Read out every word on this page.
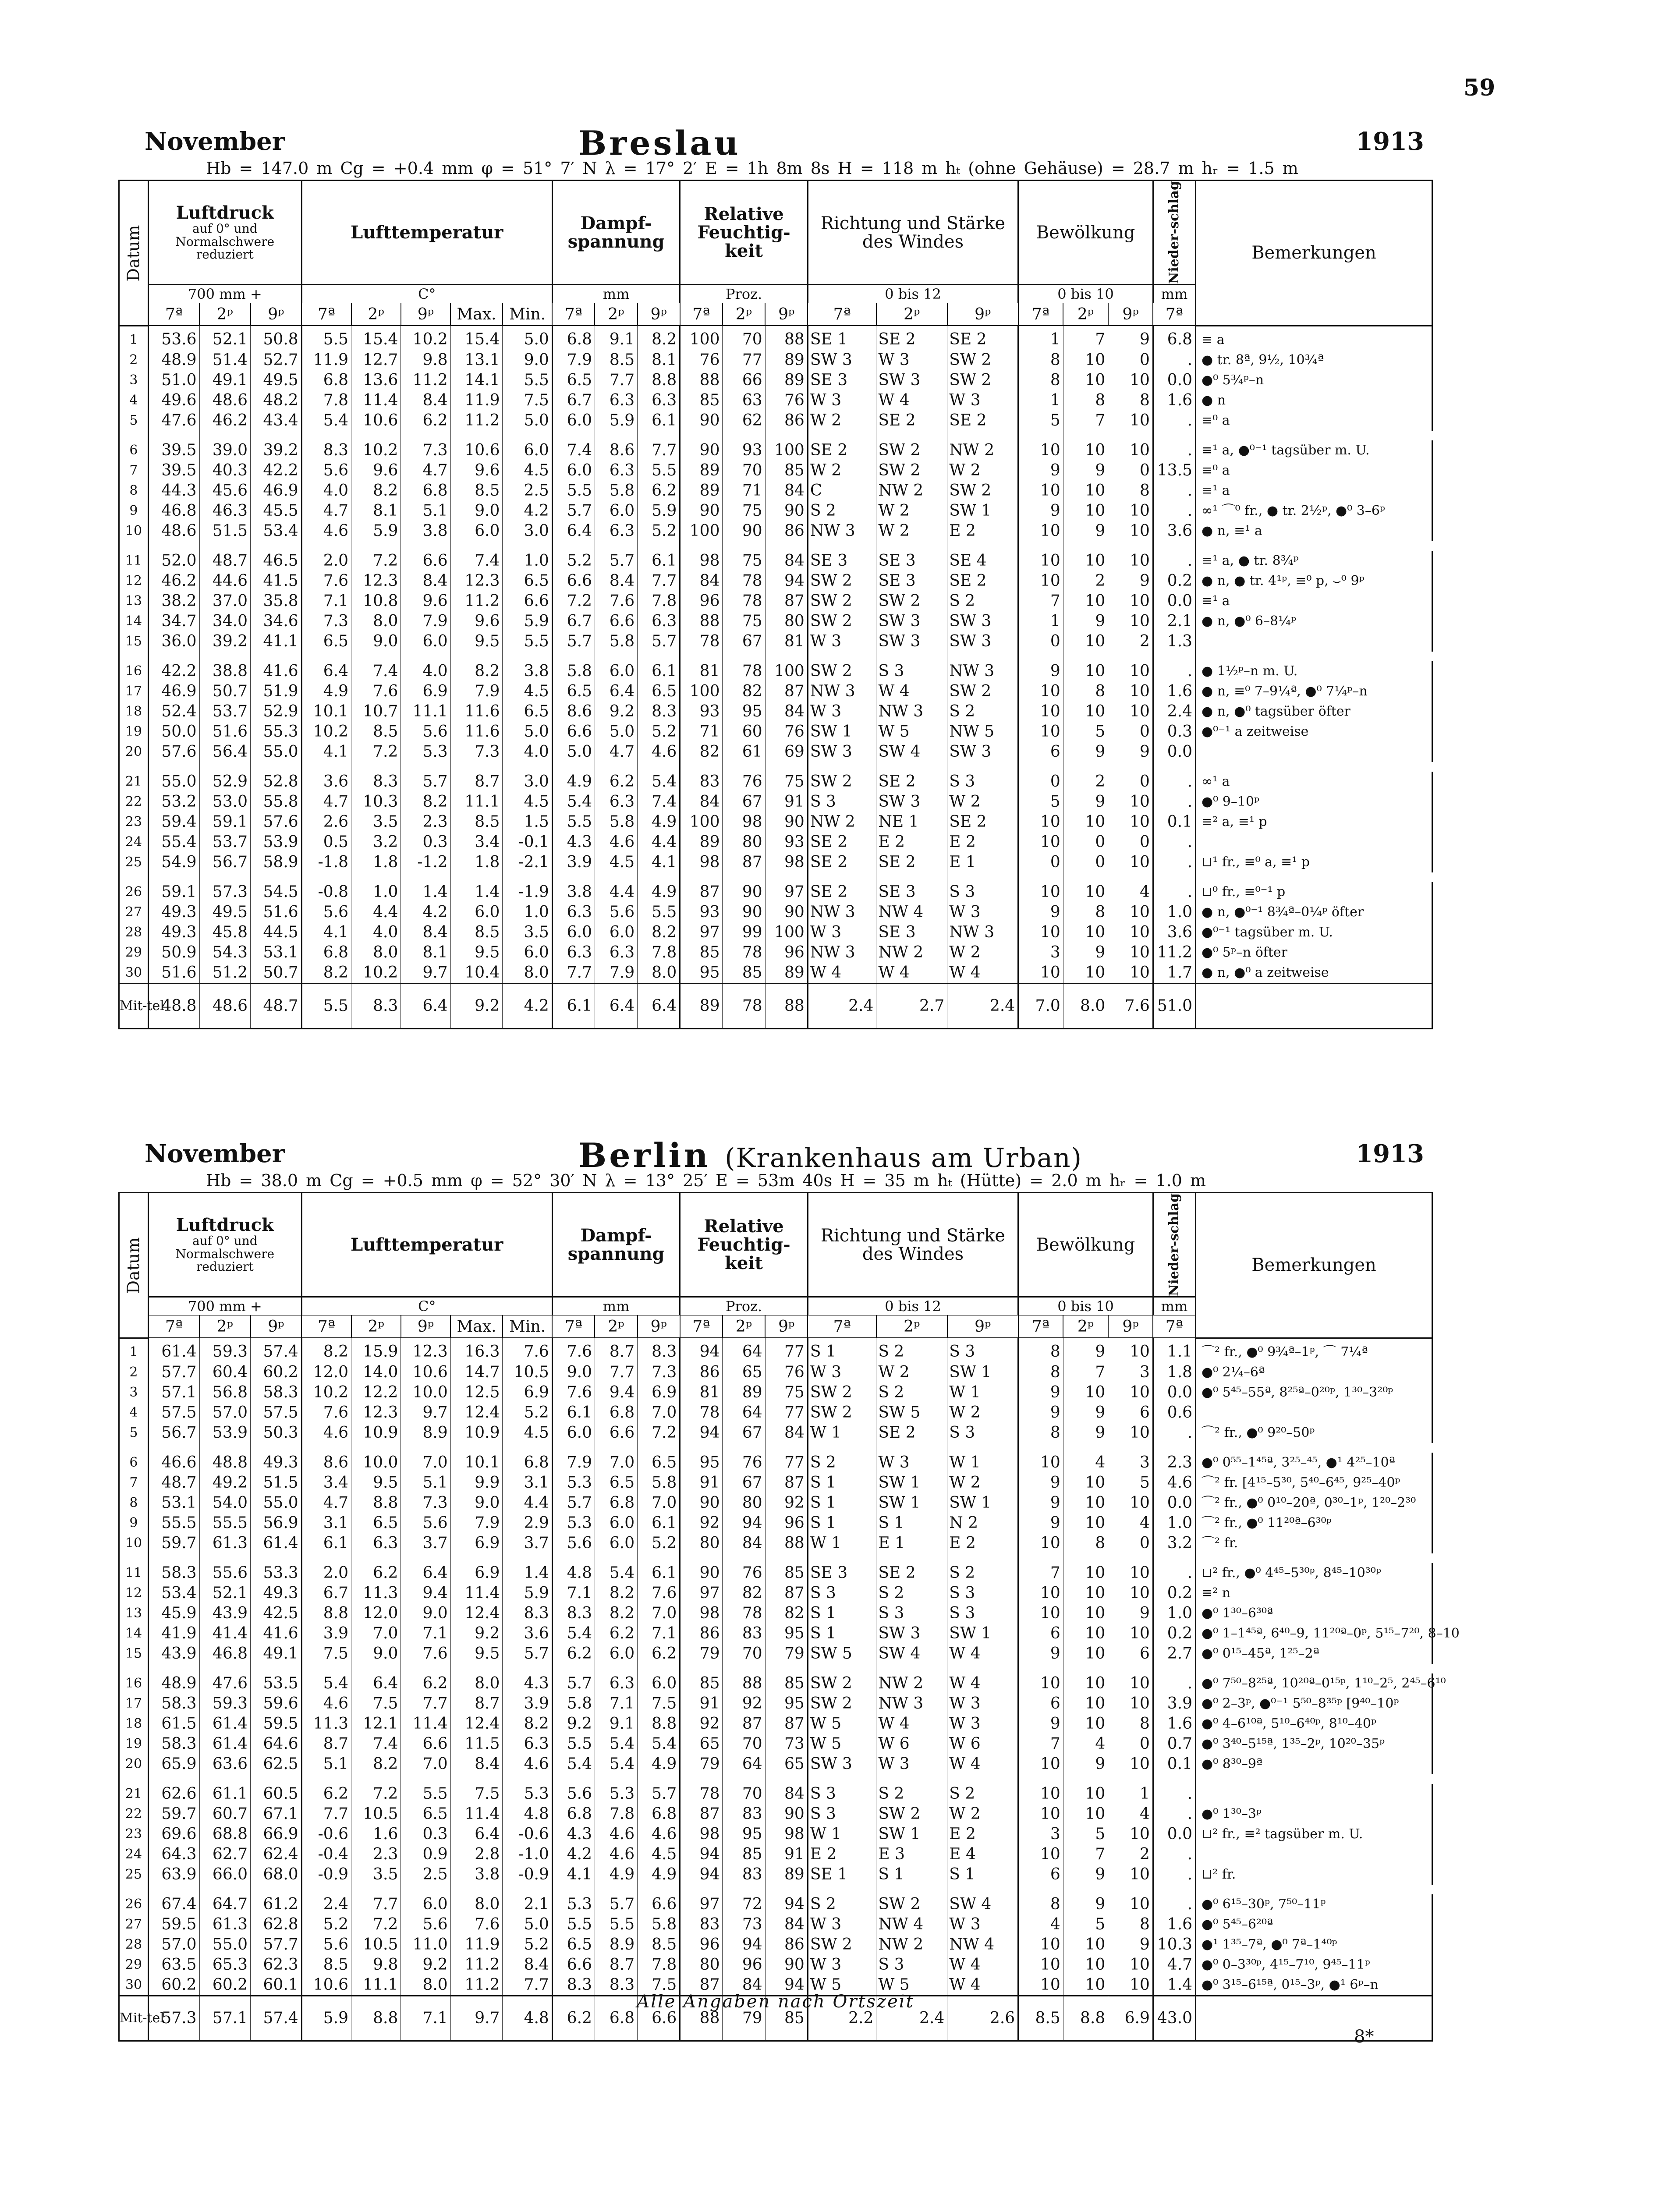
59
November	Breslau	1913
Hb = 147.0 m Cg = +0.4 mm φ = 51° 7′ N λ = 17° 2′ E = 1h 8m 8s H = 118 m hₜ (ohne Gehäuse) = 28.7 m hᵣ = 1.5 m
Datum	Luftdruck
auf 0° und Normalschwere reduziert			Lufttemperatur					Dampf-spannung			Relative Feuchtig-keit			Richtung und Stärke des Windes			Bewölkung			Nieder-schlag	Bemerkungen
	700 mm +			C°					mm			Proz.			0 bis 12			0 bis 10			mm	
	7ª	2ᵖ	9ᵖ	7ª	2ᵖ	9ᵖ	Max.	Min.	7ª	2ᵖ	9ᵖ	7ª	2ᵖ	9ᵖ	7ª	2ᵖ	9ᵖ	7ª	2ᵖ	9ᵖ	7ª	
1	53.6	52.1	50.8	5.5	15.4	10.2	15.4	5.0	6.8	9.1	8.2	100	70	88	SE 1	SE 2	SE 2	1	7	9	6.8	≡ a
2	48.9	51.4	52.7	11.9	12.7	9.8	13.1	9.0	7.9	8.5	8.1	76	77	89	SW 3	W 3	SW 2	8	10	0	.	● tr. 8ª, 9½, 10¾ª
3	51.0	49.1	49.5	6.8	13.6	11.2	14.1	5.5	6.5	7.7	8.8	88	66	89	SE 3	SW 3	SW 2	8	10	10	0.0	●⁰ 5¾ᵖ–n
4	49.6	48.6	48.2	7.8	11.4	8.4	11.9	7.5	6.7	6.3	6.3	85	63	76	W 3	W 4	W 3	1	8	8	1.6	● n
5	47.6	46.2	43.4	5.4	10.6	6.2	11.2	5.0	6.0	5.9	6.1	90	62	86	W 2	SE 2	SE 2	5	7	10	.	≡⁰ a

6	39.5	39.0	39.2	8.3	10.2	7.3	10.6	6.0	7.4	8.6	7.7	90	93	100	SE 2	SW 2	NW 2	10	10	10	.	≡¹ a, ●⁰⁻¹ tagsüber m. U.
7	39.5	40.3	42.2	5.6	9.6	4.7	9.6	4.5	6.0	6.3	5.5	89	70	85	W 2	SW 2	W 2	9	9	0	13.5	≡⁰ a
8	44.3	45.6	46.9	4.0	8.2	6.8	8.5	2.5	5.5	5.8	6.2	89	71	84	C	NW 2	SW 2	10	10	8	.	≡¹ a
9	46.8	46.3	45.5	4.7	8.1	5.1	9.0	4.2	5.7	6.0	5.9	90	75	90	S 2	W 2	SW 1	9	10	10	.	∞¹ ⌒⁰ fr., ● tr. 2½ᵖ, ●⁰ 3–6ᵖ
10	48.6	51.5	53.4	4.6	5.9	3.8	6.0	3.0	6.4	6.3	5.2	100	90	86	NW 3	W 2	E 2	10	9	10	3.6	● n, ≡¹ a

11	52.0	48.7	46.5	2.0	7.2	6.6	7.4	1.0	5.2	5.7	6.1	98	75	84	SE 3	SE 3	SE 4	10	10	10	.	≡¹ a, ● tr. 8¾ᵖ
12	46.2	44.6	41.5	7.6	12.3	8.4	12.3	6.5	6.6	8.4	7.7	84	78	94	SW 2	SE 3	SE 2	10	2	9	0.2	● n, ● tr. 4¹ᵖ, ≡⁰ p, ⌣⁰ 9ᵖ
13	38.2	37.0	35.8	7.1	10.8	9.6	11.2	6.6	7.2	7.6	7.8	96	78	87	SW 2	SW 2	S 2	7	10	10	0.0	≡¹ a
14	34.7	34.0	34.6	7.3	8.0	7.9	9.6	5.9	6.7	6.6	6.3	88	75	80	SW 2	SW 3	SW 3	1	9	10	2.1	● n, ●⁰ 6–8¼ᵖ
15	36.0	39.2	41.1	6.5	9.0	6.0	9.5	5.5	5.7	5.8	5.7	78	67	81	W 3	SW 3	SW 3	0	10	2	1.3	

16	42.2	38.8	41.6	6.4	7.4	4.0	8.2	3.8	5.8	6.0	6.1	81	78	100	SW 2	S 3	NW 3	9	10	10	.	● 1½ᵖ–n m. U.
17	46.9	50.7	51.9	4.9	7.6	6.9	7.9	4.5	6.5	6.4	6.5	100	82	87	NW 3	W 4	SW 2	10	8	10	1.6	● n, ≡⁰ 7–9¼ª, ●⁰ 7¼ᵖ–n
18	52.4	53.7	52.9	10.1	10.7	11.1	11.6	6.5	8.6	9.2	8.3	93	95	84	W 3	NW 3	S 2	10	10	10	2.4	● n, ●⁰ tagsüber öfter
19	50.0	51.6	55.3	10.2	8.5	5.6	11.6	5.0	6.6	5.0	5.2	71	60	76	SW 1	W 5	NW 5	10	5	0	0.3	●⁰⁻¹ a zeitweise
20	57.6	56.4	55.0	4.1	7.2	5.3	7.3	4.0	5.0	4.7	4.6	82	61	69	SW 3	SW 4	SW 3	6	9	9	0.0	

21	55.0	52.9	52.8	3.6	8.3	5.7	8.7	3.0	4.9	6.2	5.4	83	76	75	SW 2	SE 2	S 3	0	2	0	.	∞¹ a
22	53.2	53.0	55.8	4.7	10.3	8.2	11.1	4.5	5.4	6.3	7.4	84	67	91	S 3	SW 3	W 2	5	9	10	.	●⁰ 9–10ᵖ
23	59.4	59.1	57.6	2.6	3.5	2.3	8.5	1.5	5.5	5.8	4.9	100	98	90	NW 2	NE 1	SE 2	10	10	10	0.1	≡² a, ≡¹ p
24	55.4	53.7	53.9	0.5	3.2	0.3	3.4	-0.1	4.3	4.6	4.4	89	80	93	SE 2	E 2	E 2	10	0	0	.	
25	54.9	56.7	58.9	-1.8	1.8	-1.2	1.8	-2.1	3.9	4.5	4.1	98	87	98	SE 2	SE 2	E 1	0	0	10	.	⊔¹ fr., ≡⁰ a, ≡¹ p

26	59.1	57.3	54.5	-0.8	1.0	1.4	1.4	-1.9	3.8	4.4	4.9	87	90	97	SE 2	SE 3	S 3	10	10	4	.	⊔⁰ fr., ≡⁰⁻¹ p
27	49.3	49.5	51.6	5.6	4.4	4.2	6.0	1.0	6.3	5.6	5.5	93	90	90	NW 3	NW 4	W 3	9	8	10	1.0	● n, ●⁰⁻¹ 8¾ª–0¼ᵖ öfter
28	49.3	45.8	44.5	4.1	4.0	8.4	8.5	3.5	6.0	6.0	8.2	97	99	100	W 3	SE 3	NW 3	10	10	10	3.6	●⁰⁻¹ tagsüber m. U.
29	50.9	54.3	53.1	6.8	8.0	8.1	9.5	6.0	6.3	6.3	7.8	85	78	96	NW 3	NW 2	W 2	3	9	10	11.2	●⁰ 5ᵖ–n öfter
30	51.6	51.2	50.7	8.2	10.2	9.7	10.4	8.0	7.7	7.9	8.0	95	85	89	W 4	W 4	W 4	10	10	10	1.7	● n, ●⁰ a zeitweise
Mit-tel	48.8	48.6	48.7	5.5	8.3	6.4	9.2	4.2	6.1	6.4	6.4	89	78	88	2.4	2.7	2.4	7.0	8.0	7.6	51.0	
November	Berlin (Krankenhaus am Urban)	1913
Hb = 38.0 m Cg = +0.5 mm φ = 52° 30′ N λ = 13° 25′ E = 53m 40s H = 35 m hₜ (Hütte) = 2.0 m hᵣ = 1.0 m
Datum	Luftdruck
auf 0° und Normalschwere reduziert			Lufttemperatur					Dampf-spannung			Relative Feuchtig-keit			Richtung und Stärke des Windes			Bewölkung			Nieder-schlag	Bemerkungen
	700 mm +			C°					mm			Proz.			0 bis 12			0 bis 10			mm	
	7ª	2ᵖ	9ᵖ	7ª	2ᵖ	9ᵖ	Max.	Min.	7ª	2ᵖ	9ᵖ	7ª	2ᵖ	9ᵖ	7ª	2ᵖ	9ᵖ	7ª	2ᵖ	9ᵖ	7ª	
1	61.4	59.3	57.4	8.2	15.9	12.3	16.3	7.6	7.6	8.7	8.3	94	64	77	S 1	S 2	S 3	8	9	10	1.1	⌒² fr., ●⁰ 9¾ª–1ᵖ, ⌒ 7¼ª
2	57.7	60.4	60.2	12.0	14.0	10.6	14.7	10.5	9.0	7.7	7.3	86	65	76	W 3	W 2	SW 1	8	7	3	1.8	●⁰ 2¼–6ª
3	57.1	56.8	58.3	10.2	12.2	10.0	12.5	6.9	7.6	9.4	6.9	81	89	75	SW 2	S 2	W 1	9	10	10	0.0	●⁰ 5⁴⁵–55ª, 8²⁵ª–0²⁰ᵖ, 1³⁰–3²⁰ᵖ
4	57.5	57.0	57.5	7.6	12.3	9.7	12.4	5.2	6.1	6.8	7.0	78	64	77	SW 2	SW 5	W 2	9	9	6	0.6	
5	56.7	53.9	50.3	4.6	10.9	8.9	10.9	4.5	6.0	6.6	7.2	94	67	84	W 1	SE 2	S 3	8	9	10	.	⌒² fr., ●⁰ 9²⁰–50ᵖ

6	46.6	48.8	49.3	8.6	10.0	7.0	10.1	6.8	7.9	7.0	6.5	95	76	77	S 2	W 3	W 1	10	4	3	2.3	●⁰ 0⁵⁵–1⁴⁵ª, 3²⁵–⁴⁵, ●¹ 4²⁵–10ª
7	48.7	49.2	51.5	3.4	9.5	5.1	9.9	3.1	5.3	6.5	5.8	91	67	87	S 1	SW 1	W 2	9	10	5	4.6	⌒² fr. [4¹⁵–5³⁰, 5⁴⁰–6⁴⁵, 9²⁵–40ᵖ
8	53.1	54.0	55.0	4.7	8.8	7.3	9.0	4.4	5.7	6.8	7.0	90	80	92	S 1	SW 1	SW 1	9	10	10	0.0	⌒² fr., ●⁰ 0¹⁰–20ª, 0³⁰–1ᵖ, 1²⁰–2³⁰
9	55.5	55.5	56.9	3.1	6.5	5.6	7.9	2.9	5.3	6.0	6.1	92	94	96	S 1	S 1	N 2	9	10	4	1.0	⌒² fr., ●⁰ 11²⁰ª–6³⁰ᵖ
10	59.7	61.3	61.4	6.1	6.3	3.7	6.9	3.7	5.6	6.0	5.2	80	84	88	W 1	E 1	E 2	10	8	0	3.2	⌒² fr.

11	58.3	55.6	53.3	2.0	6.2	6.4	6.9	1.4	4.8	5.4	6.1	90	76	85	SE 3	SE 2	S 2	7	10	10	.	⊔² fr., ●⁰ 4⁴⁵–5³⁰ᵖ, 8⁴⁵–10³⁰ᵖ
12	53.4	52.1	49.3	6.7	11.3	9.4	11.4	5.9	7.1	8.2	7.6	97	82	87	S 3	S 2	S 3	10	10	10	0.2	≡² n
13	45.9	43.9	42.5	8.8	12.0	9.0	12.4	8.3	8.3	8.2	7.0	98	78	82	S 1	S 3	S 3	10	10	9	1.0	●⁰ 1³⁰–6³⁰ª
14	41.9	41.4	41.6	3.9	7.0	7.1	9.2	3.6	5.4	6.2	7.1	86	83	95	S 1	SW 3	SW 1	6	10	10	0.2	●⁰ 1–1⁴⁵ª, 6⁴⁰–9, 11²⁰ª–0ᵖ, 5¹⁵–7²⁰, 8–10
15	43.9	46.8	49.1	7.5	9.0	7.6	9.5	5.7	6.2	6.0	6.2	79	70	79	SW 5	SW 4	W 4	9	10	6	2.7	●⁰ 0¹⁵–45ª, 1²⁵–2ª

16	48.9	47.6	53.5	5.4	6.4	6.2	8.0	4.3	5.7	6.3	6.0	85	88	85	SW 2	NW 2	W 4	10	10	10	.	●⁰ 7⁵⁰–8²⁵ª, 10²⁰ª–0¹⁵ᵖ, 1¹⁰–2⁵, 2⁴⁵–6¹⁰
17	58.3	59.3	59.6	4.6	7.5	7.7	8.7	3.9	5.8	7.1	7.5	91	92	95	SW 2	NW 3	W 3	6	10	10	3.9	●⁰ 2–3ᵖ, ●⁰⁻¹ 5⁵⁰–8³⁵ᵖ [9⁴⁰–10ᵖ
18	61.5	61.4	59.5	11.3	12.1	11.4	12.4	8.2	9.2	9.1	8.8	92	87	87	W 5	W 4	W 3	9	10	8	1.6	●⁰ 4–6¹⁰ª, 5¹⁰–6⁴⁰ᵖ, 8¹⁰–40ᵖ
19	58.3	61.4	64.6	8.7	7.4	6.6	11.5	6.3	5.5	5.4	5.4	65	70	73	W 5	W 6	W 6	7	4	0	0.7	●⁰ 3⁴⁰–5¹⁵ª, 1³⁵–2ᵖ, 10²⁰–35ᵖ
20	65.9	63.6	62.5	5.1	8.2	7.0	8.4	4.6	5.4	5.4	4.9	79	64	65	SW 3	W 3	W 4	10	9	10	0.1	●⁰ 8³⁰–9ª

21	62.6	61.1	60.5	6.2	7.2	5.5	7.5	5.3	5.6	5.3	5.7	78	70	84	S 3	S 2	S 2	10	10	1	.	
22	59.7	60.7	67.1	7.7	10.5	6.5	11.4	4.8	6.8	7.8	6.8	87	83	90	S 3	SW 2	W 2	10	10	4	.	●⁰ 1³⁰–3ᵖ
23	69.6	68.8	66.9	-0.6	1.6	0.3	6.4	-0.6	4.3	4.6	4.6	98	95	98	W 1	SW 1	E 2	3	5	10	0.0	⊔² fr., ≡² tagsüber m. U.
24	64.3	62.7	62.4	-0.4	2.3	0.9	2.8	-1.0	4.2	4.6	4.5	94	85	91	E 2	E 3	E 4	10	7	2	.	
25	63.9	66.0	68.0	-0.9	3.5	2.5	3.8	-0.9	4.1	4.9	4.9	94	83	89	SE 1	S 1	S 1	6	9	10	.	⊔² fr.

26	67.4	64.7	61.2	2.4	7.7	6.0	8.0	2.1	5.3	5.7	6.6	97	72	94	S 2	SW 2	SW 4	8	9	10	.	●⁰ 6¹⁵–30ᵖ, 7⁵⁰–11ᵖ
27	59.5	61.3	62.8	5.2	7.2	5.6	7.6	5.0	5.5	5.5	5.8	83	73	84	W 3	NW 4	W 3	4	5	8	1.6	●⁰ 5⁴⁵–6²⁰ª
28	57.0	55.0	57.7	5.6	10.5	11.0	11.9	5.2	6.5	8.9	8.5	96	94	86	SW 2	NW 2	NW 4	10	10	9	10.3	●¹ 1³⁵–7ª, ●⁰ 7ª–1⁴⁰ᵖ
29	63.5	65.3	62.3	8.5	9.8	9.2	11.2	8.4	6.6	8.7	7.8	80	96	90	W 3	S 3	W 4	10	10	10	4.7	●⁰ 0–3³⁰ᵖ, 4¹⁵–7¹⁰, 9⁴⁵–11ᵖ
30	60.2	60.2	60.1	10.6	11.1	8.0	11.2	7.7	8.3	8.3	7.5	87	84	94	W 5	W 5	W 4	10	10	10	1.4	●⁰ 3¹⁵–6¹⁵ª, 0¹⁵–3ᵖ, ●¹ 6ᵖ–n
Mit-tel	57.3	57.1	57.4	5.9	8.8	7.1	9.7	4.8	6.2	6.8	6.6	88	79	85	2.2	2.4	2.6	8.5	8.8	6.9	43.0	
Alle Angaben nach Ortszeit
8*
